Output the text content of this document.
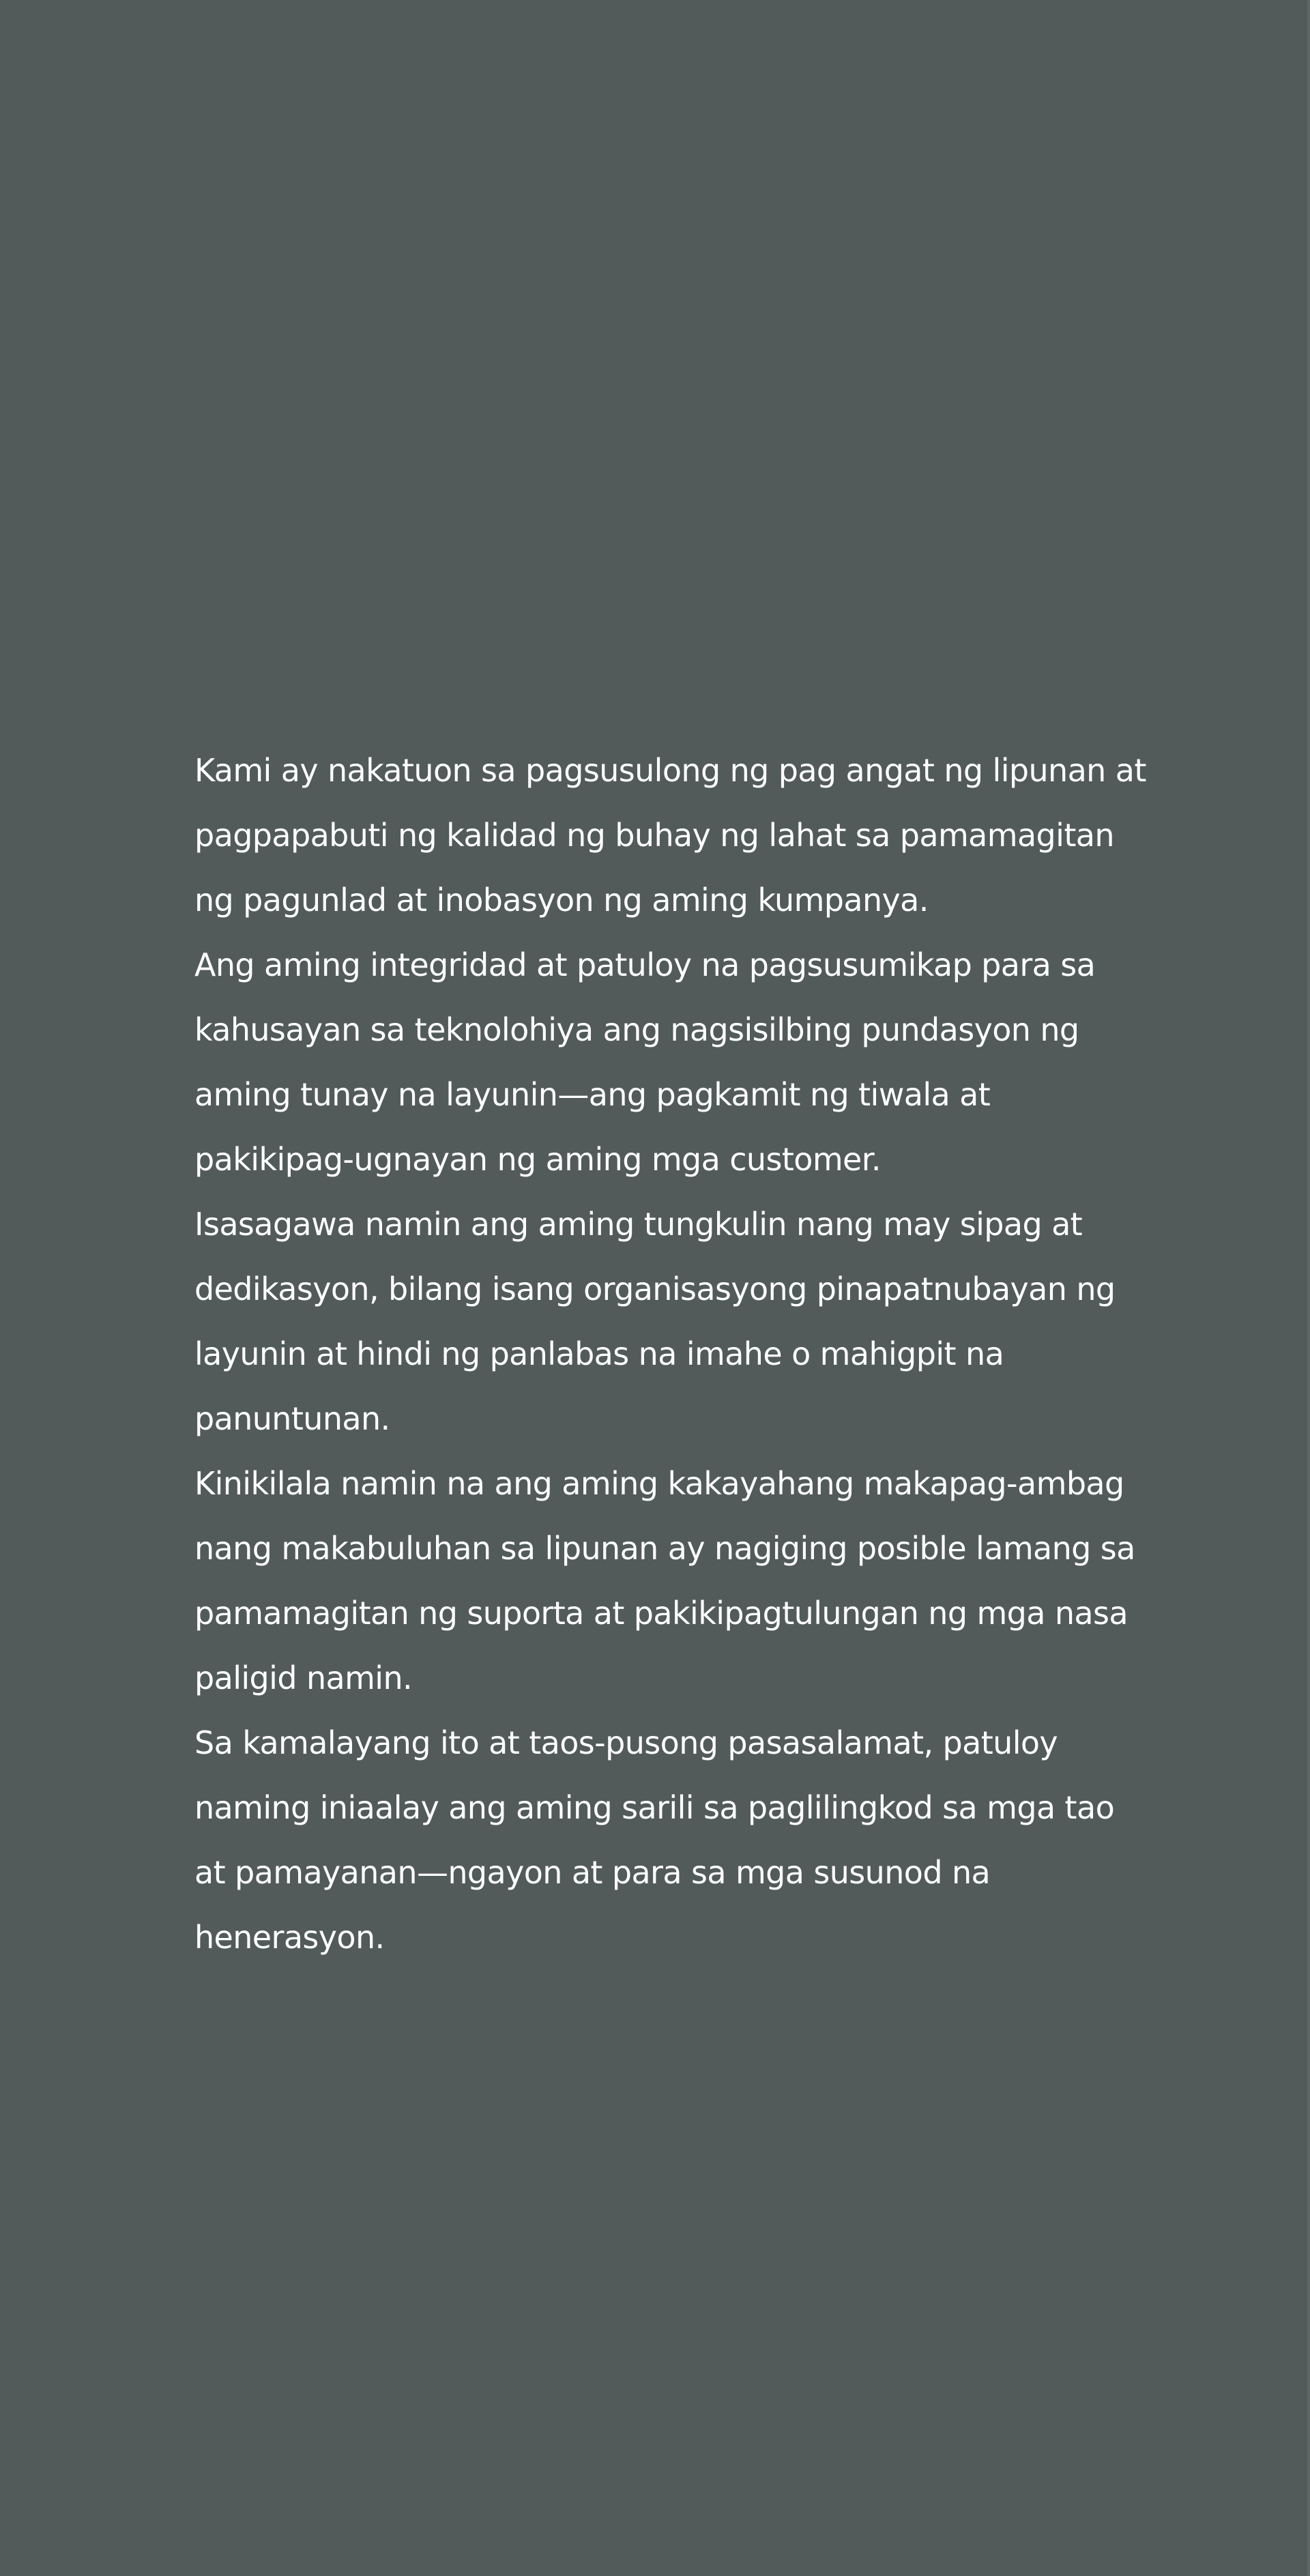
Kami ay nakatuon sa pagsusulong ng pag angat ng lipunan at
pagpapabuti ng kalidad ng buhay ng lahat sa pamamagitan
ng pagunlad at inobasyon ng aming kumpanya.
Ang aming integridad at patuloy na pagsusumikap para sa
kahusayan sa teknolohiya ang nagsisilbing pundasyon ng
aming tunay na layunin—ang pagkamit ng tiwala at
pakikipag-ugnayan ng aming mga customer.
Isasagawa namin ang aming tungkulin nang may sipag at
dedikasyon, bilang isang organisasyong pinapatnubayan ng
layunin at hindi ng panlabas na imahe o mahigpit na
panuntunan.
Kinikilala namin na ang aming kakayahang makapag-ambag
nang makabuluhan sa lipunan ay nagiging posible lamang sa
pamamagitan ng suporta at pakikipagtulungan ng mga nasa
paligid namin.
Sa kamalayang ito at taos-pusong pasasalamat, patuloy
naming iniaalay ang aming sarili sa paglilingkod sa mga tao
at pamayanan—ngayon at para sa mga susunod na
henerasyon.
